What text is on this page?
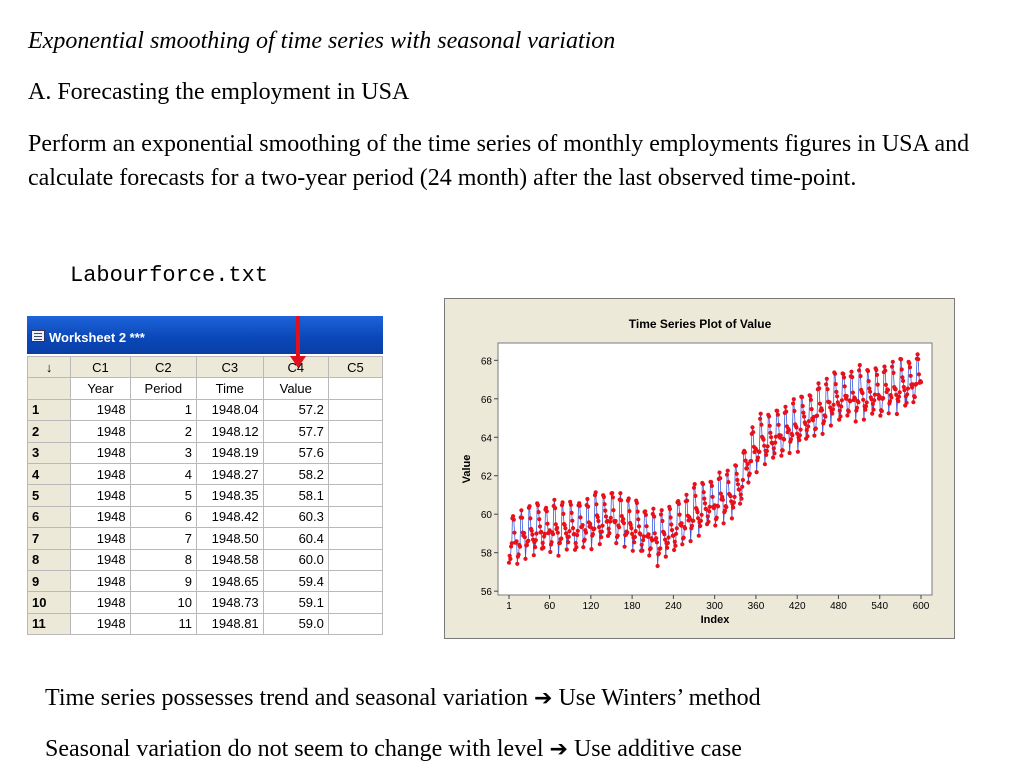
Exponential smoothing of time series with seasonal variation
A. Forecasting the employment in USA
Perform an exponential smoothing of the time series of monthly employments figures in USA and calculate forecasts for a two-year period (24 month) after the last observed time-point.
Labourforce.txt
Worksheet 2 ***
↓	C1	C2	C3	C4	C5
	Year	Period	Time	Value	
1	1948	1	1948.04	57.2	
2	1948	2	1948.12	57.7	
3	1948	3	1948.19	57.6	
4	1948	4	1948.27	58.2	
5	1948	5	1948.35	58.1	
6	1948	6	1948.42	60.3	
7	1948	7	1948.50	60.4	
8	1948	8	1948.58	60.0	
9	1948	9	1948.65	59.4	
10	1948	10	1948.73	59.1	
11	1948	11	1948.81	59.0	
Time Series Plot of Value
Index
Value
56
58
60
62
64
66
68
1	60	120 180 240 300 360 420 480 540 600
Time series possesses trend and seasonal variation ➔ Use Winters’ method
Seasonal variation do not seem to change with level ➔ Use additive case
